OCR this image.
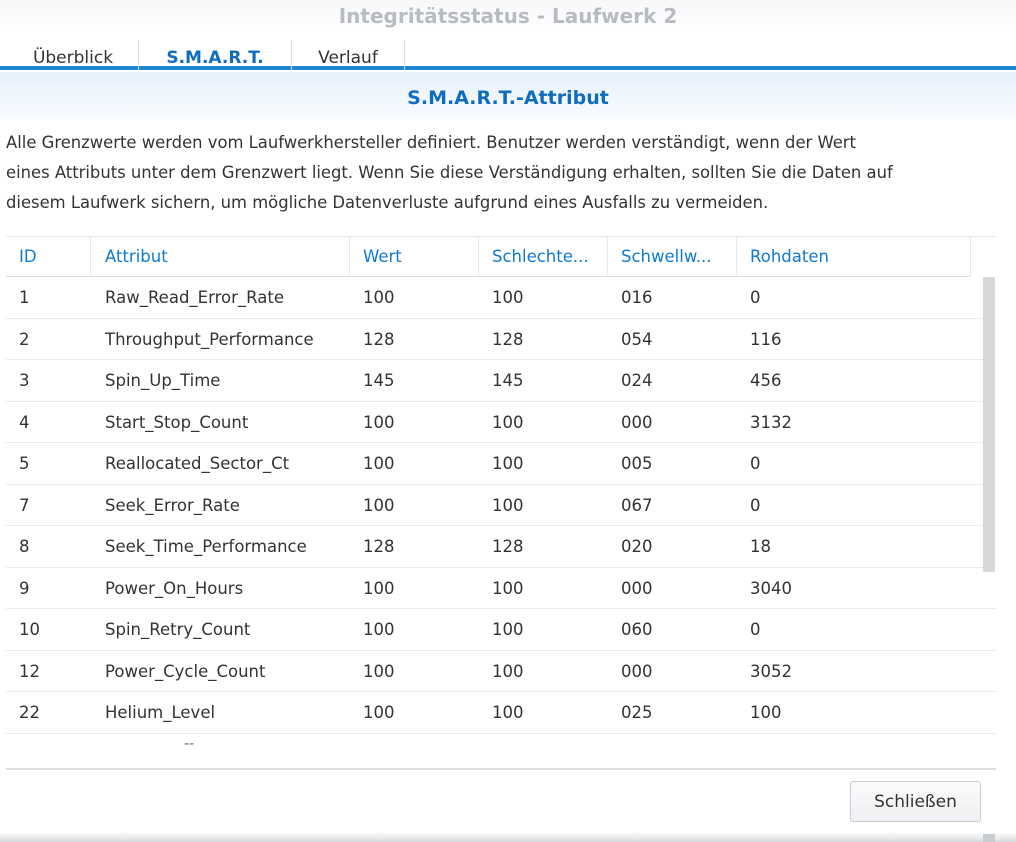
Integritätsstatus - Laufwerk 2
Überblick	S.M.A.R.T.	Verlauf
S.M.A.R.T.-Attribut
Alle Grenzwerte werden vom Laufwerkhersteller definiert. Benutzer werden verständigt, wenn der Wert
eines Attributs unter dem Grenzwert liegt. Wenn Sie diese Verständigung erhalten, sollten Sie die Daten auf
diesem Laufwerk sichern, um mögliche Datenverluste aufgrund eines Ausfalls zu vermeiden.
ID	Attribut	Wert	Schlechte...	Schwellw...	Rohdaten
1	Raw_Read_Error_Rate	100	100	016	0
2	Throughput_Performance	128	128	054	116
3	Spin_Up_Time	145	145	024	456
4	Start_Stop_Count	100	100	000	3132
5	Reallocated_Sector_Ct	100	100	005	0
7	Seek_Error_Rate	100	100	067	0
8	Seek_Time_Performance	128	128	020	18
9	Power_On_Hours	100	100	000	3040
10	Spin_Retry_Count	100	100	060	0
12	Power_Cycle_Count	100	100	000	3052
22	Helium_Level	100	100	025	100
--
Schließen
